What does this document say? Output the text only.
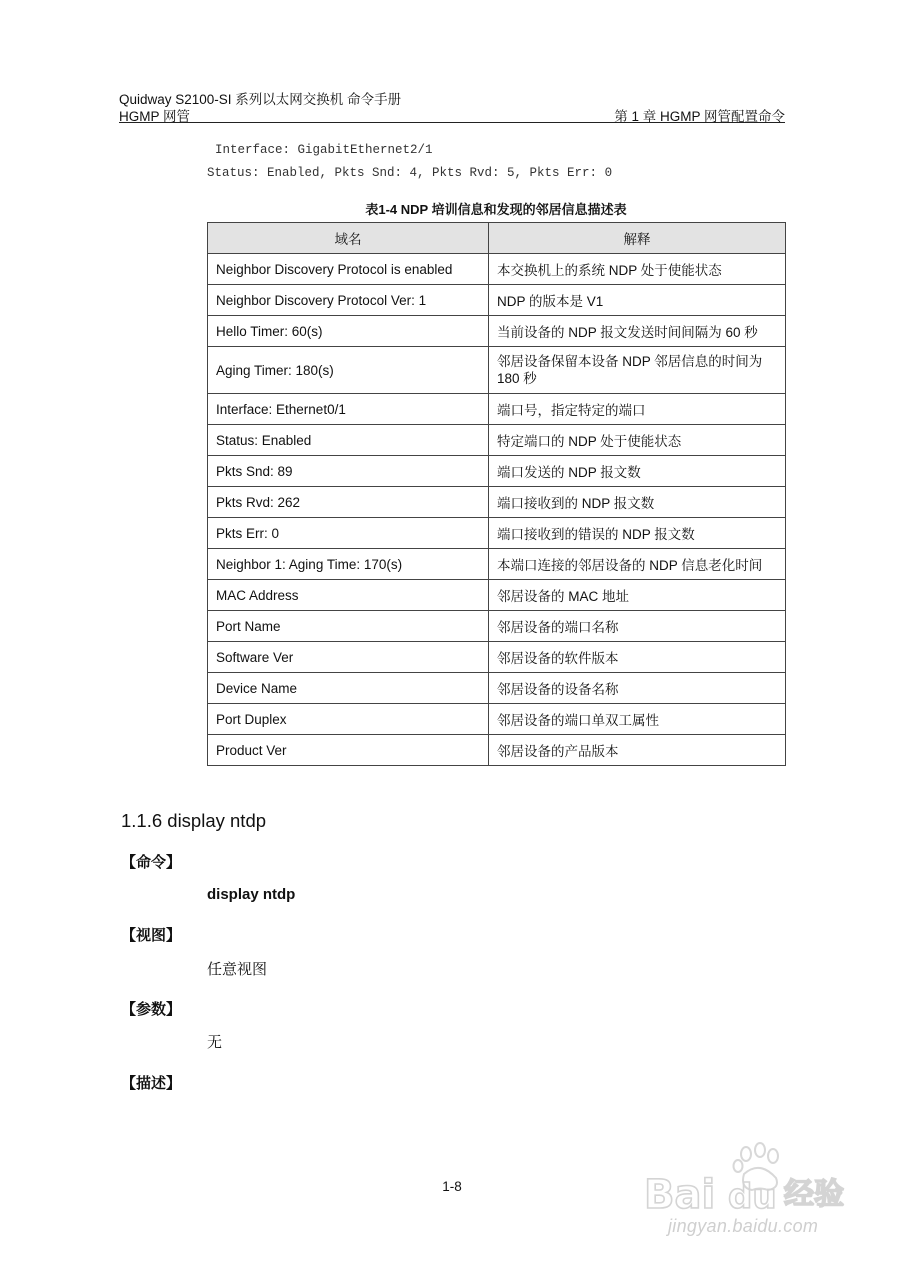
Quidway S2100-SI 系列以太网交换机 命令手册
HGMP 网管	第 1 章 HGMP 网管配置命令
Interface: GigabitEthernet2/1
Status: Enabled, Pkts Snd: 4, Pkts Rvd: 5, Pkts Err: 0
表1-4 NDP 培训信息和发现的邻居信息描述表
域名	解释
Neighbor Discovery Protocol is enabled	本交换机上的系统 NDP 处于使能状态
Neighbor Discovery Protocol Ver: 1	NDP 的版本是 V1
Hello Timer: 60(s)	当前设备的 NDP 报文发送时间间隔为 60 秒
Aging Timer: 180(s)	邻居设备保留本设备 NDP 邻居信息的时间为 180 秒
Interface: Ethernet0/1	端口号，指定特定的端口
Status: Enabled	特定端口的 NDP 处于使能状态
Pkts Snd: 89	端口发送的 NDP 报文数
Pkts Rvd: 262	端口接收到的 NDP 报文数
Pkts Err: 0	端口接收到的错误的 NDP 报文数
Neighbor 1: Aging Time: 170(s)	本端口连接的邻居设备的 NDP 信息老化时间
MAC Address	邻居设备的 MAC 地址
Port Name	邻居设备的端口名称
Software Ver	邻居设备的软件版本
Device Name	邻居设备的设备名称
Port Duplex	邻居设备的端口单双工属性
Product Ver	邻居设备的产品版本
1.1.6 display ntdp
【命令】
display ntdp
【视图】
任意视图
【参数】
无
【描述】
1-8	Bai du 经验
jingyan.baidu.com
